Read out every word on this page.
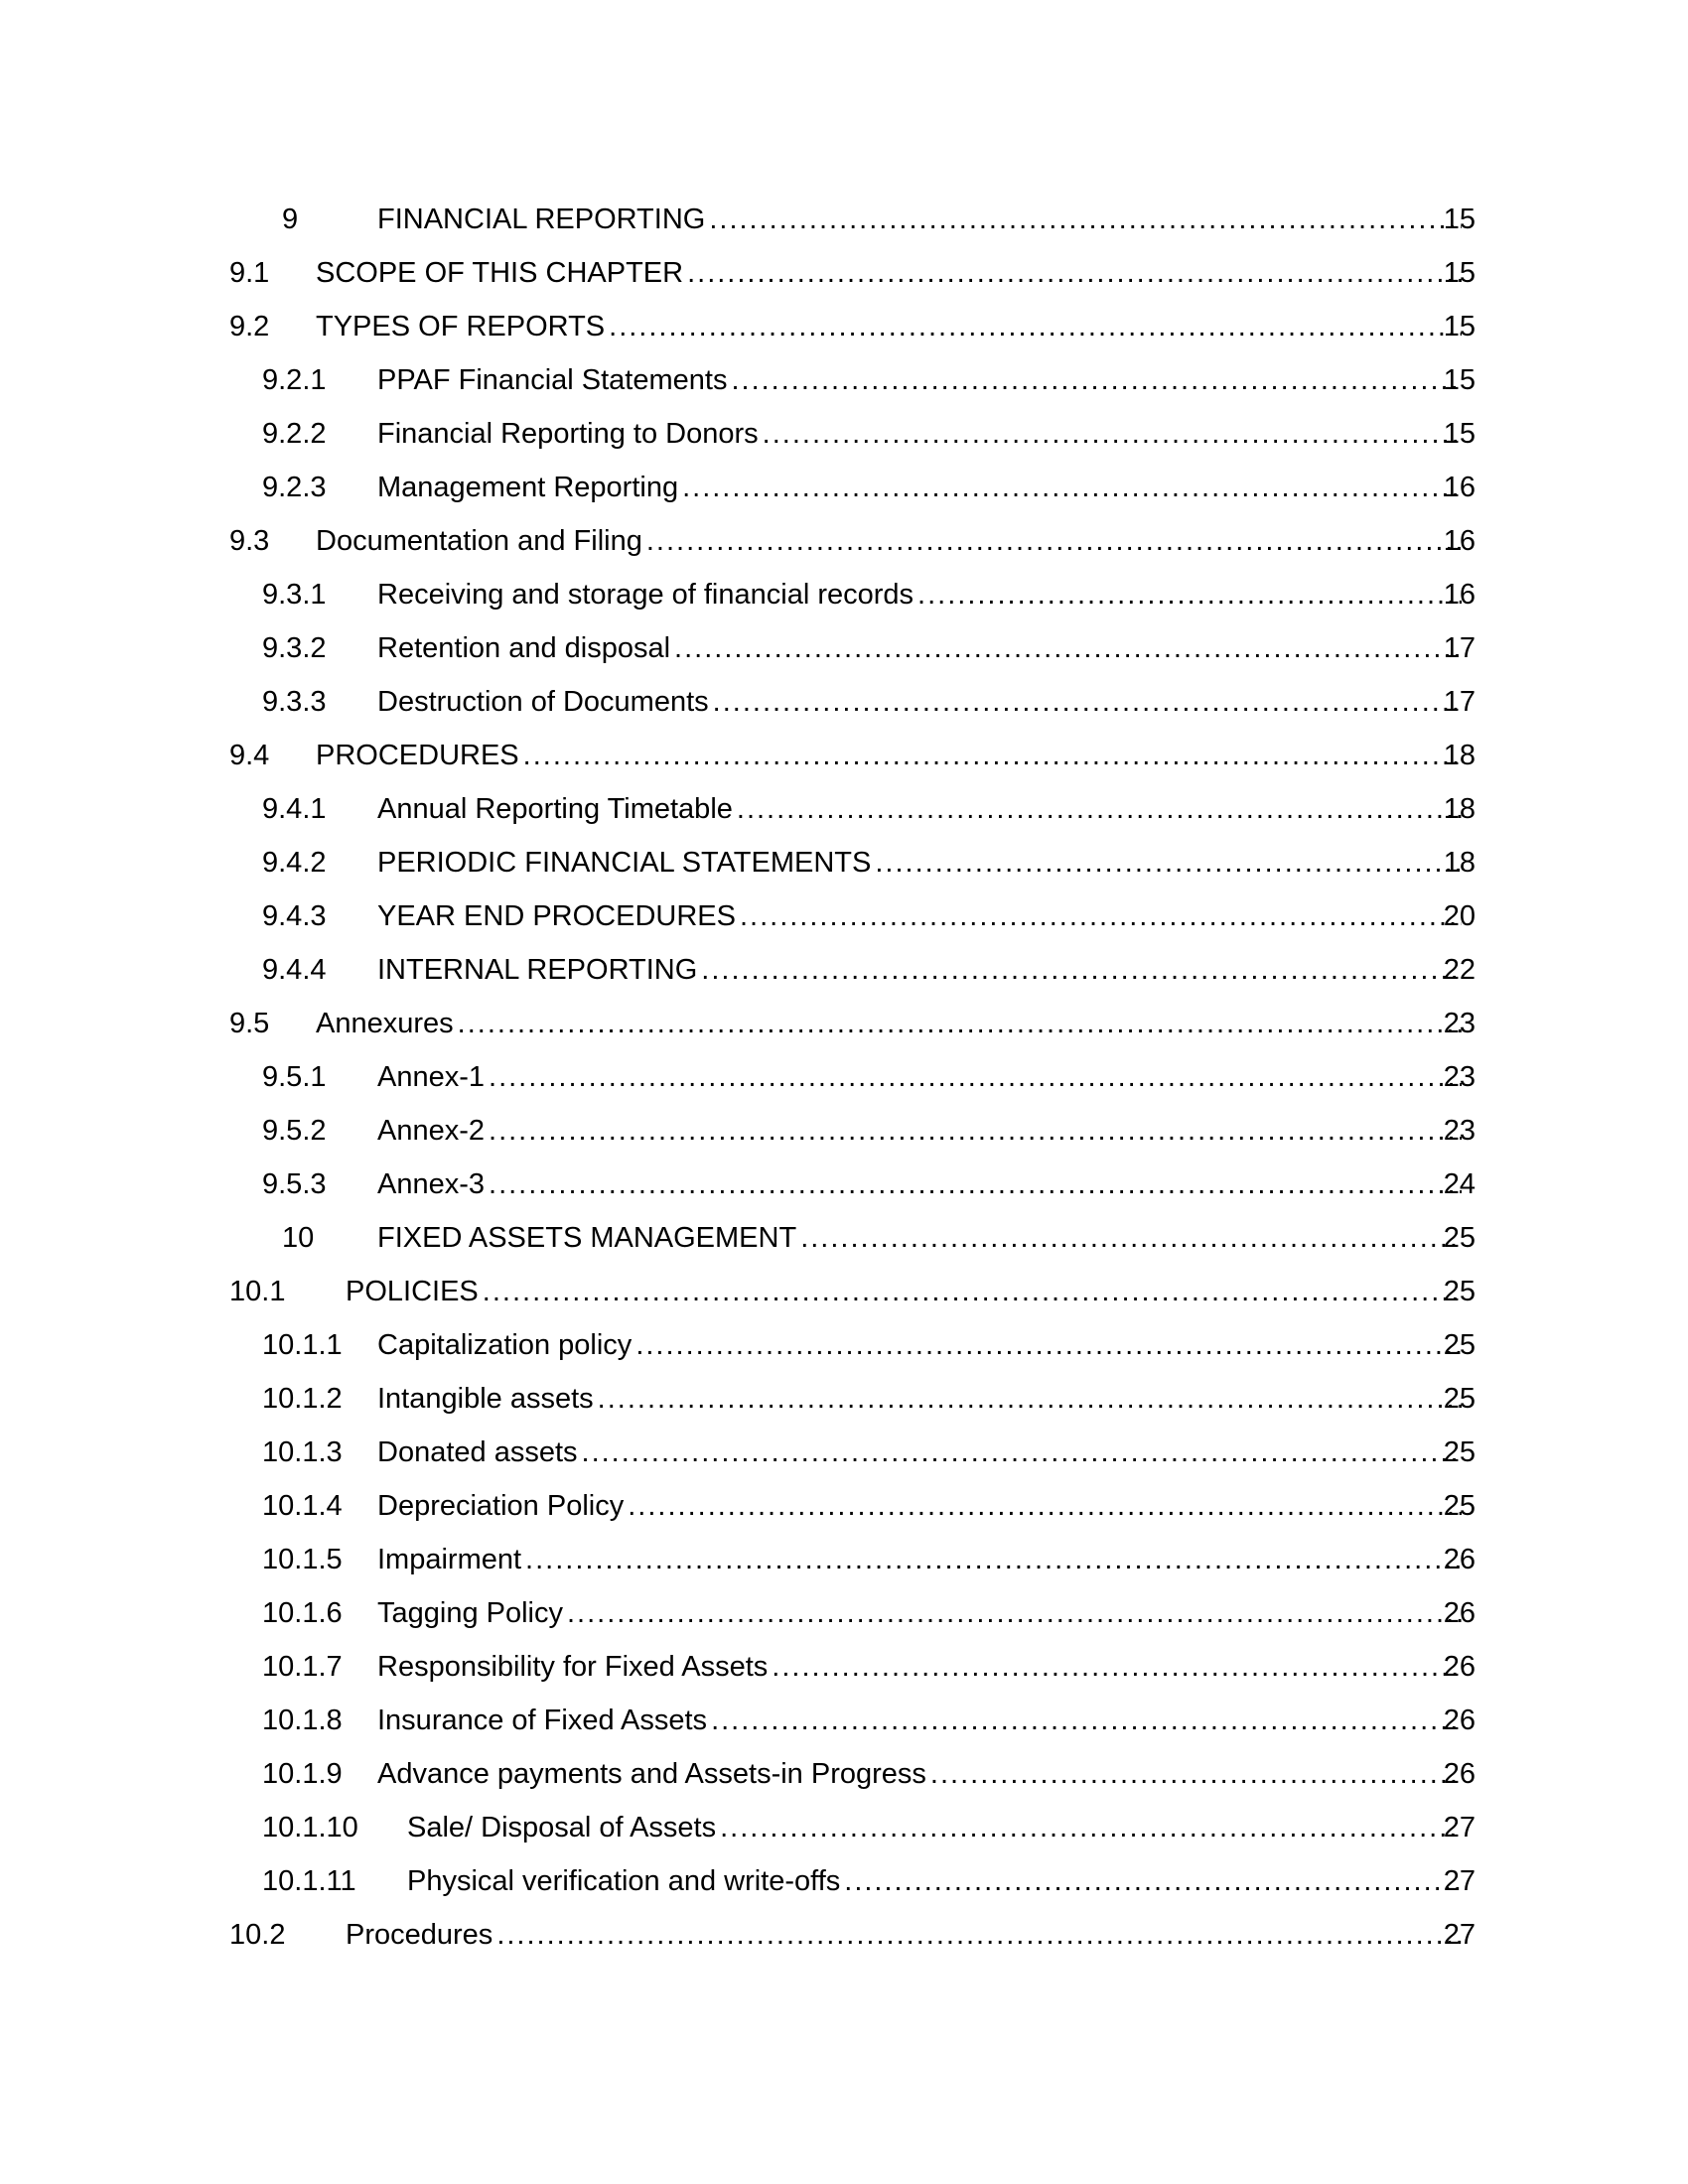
9	FINANCIAL REPORTING .....	15
9.1 SCOPE OF THIS CHAPTER .....	15
9.2 TYPES OF REPORTS .....	15
9.2.1 PPAF Financial Statements .....	15
9.2.2 Financial Reporting to Donors .....	15
9.2.3 Management Reporting .....	16
9.3 Documentation and Filing .....	16
9.3.1 Receiving and storage of financial records .....	16
9.3.2 Retention and disposal .....	17
9.3.3 Destruction of Documents .....	17
9.4 PROCEDURES .....	18
9.4.1 Annual Reporting Timetable .....	18
9.4.2 PERIODIC FINANCIAL STATEMENTS .....	18
9.4.3 YEAR END PROCEDURES .....	20
9.4.4 INTERNAL REPORTING .....	22
9.5 Annexures .....	23
9.5.1 Annex-1 .....	23
9.5.2 Annex-2 .....	23
9.5.3 Annex-3 .....	24
10 FIXED ASSETS MANAGEMENT .....	25
10.1 POLICIES .....	25
10.1.1 Capitalization policy .....	25
10.1.2 Intangible assets .....	25
10.1.3 Donated assets .....	25
10.1.4 Depreciation Policy .....	25
10.1.5 Impairment .....	26
10.1.6 Tagging Policy .....	26
10.1.7 Responsibility for Fixed Assets .....	26
10.1.8 Insurance of Fixed Assets .....	26
10.1.9 Advance payments and Assets-in Progress .....	26
10.1.10 Sale/ Disposal of Assets .....	27
10.1.11 Physical verification and write-offs .....	27
10.2 Procedures .....	27
